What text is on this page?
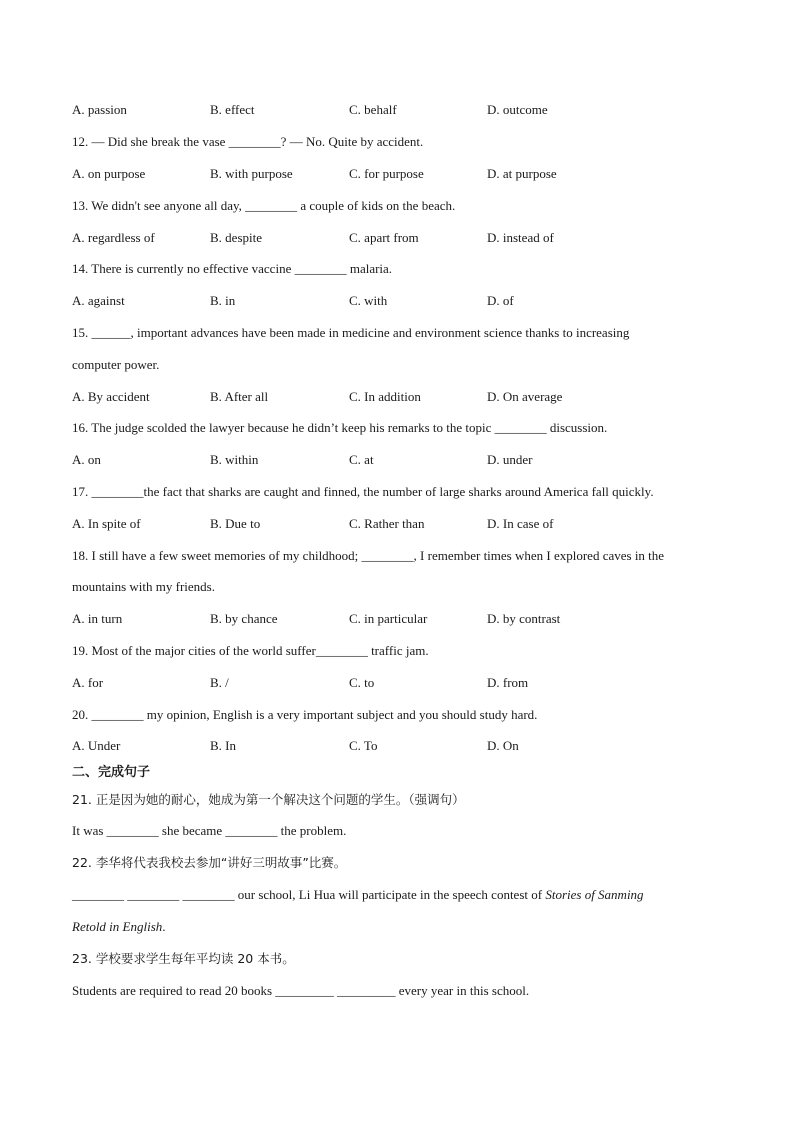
A. passion	B. effect	C. behalf	D. outcome
12. — Did she break the vase ________? — No. Quite by accident.
A. on purpose	B. with purpose	C. for purpose	D. at purpose
13. We didn't see anyone all day, ________ a couple of kids on the beach.
A. regardless of	B. despite	C. apart from	D. instead of
14. There is currently no effective vaccine ________ malaria.
A. against	B. in	C. with	D. of
15. ______, important advances have been made in medicine and environment science thanks to increasing
computer power.
A. By accident	B. After all	C. In addition	D. On average
16. The judge scolded the lawyer because he didn’t keep his remarks to the topic ________ discussion.
A. on	B. within	C. at	D. under
17. ________the fact that sharks are caught and finned, the number of large sharks around America fall quickly.
A. In spite of	B. Due to	C. Rather than	D. In case of
18. I still have a few sweet memories of my childhood; ________, I remember times when I explored caves in the
mountains with my friends.
A. in turn	B. by chance	C. in particular	D. by contrast
19. Most of the major cities of the world suffer________ traffic jam.
A. for	B. /	C. to	D. from
20. ________ my opinion, English is a very important subject and you should study hard.
A. Under	B. In	C. To	D. On
二、完成句子
21. 正是因为她的耐心，她成为第一个解决这个问题的学生。（强调句）
It was ________ she became ________ the problem.
22. 李华将代表我校去参加“讲好三明故事”比赛。
________ ________ ________ our school, Li Hua will participate in the speech contest of Stories of Sanming
Retold in English.
23. 学校要求学生每年平均读 20 本书。
Students are required to read 20 books _________ _________ every year in this school.
